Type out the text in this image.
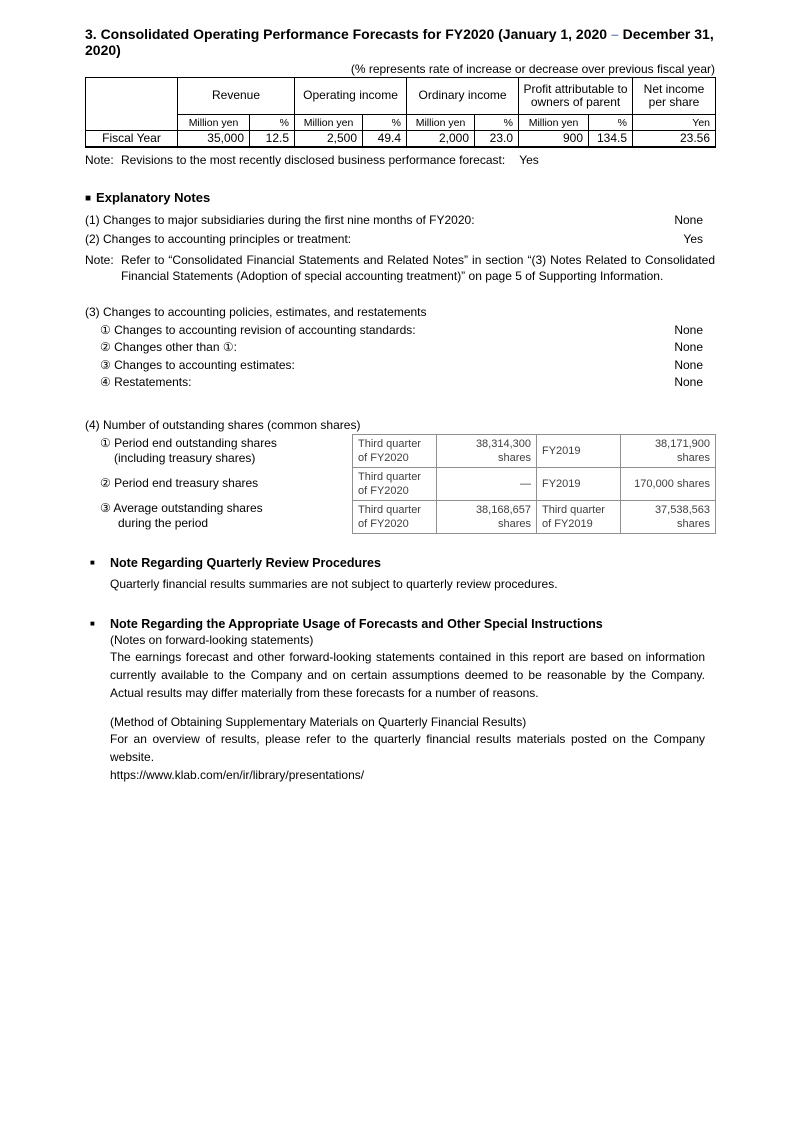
3. Consolidated Operating Performance Forecasts for FY2020 (January 1, 2020 – December 31, 2020)
(% represents rate of increase or decrease over previous fiscal year)
	Revenue		Operating income		Ordinary income		Profit attributable to owners of parent		Net income per share
	Million yen	%	Million yen	%	Million yen	%	Million yen	%	Yen
Fiscal Year	35,000	12.5	2,500	49.4	2,000	23.0	900	134.5	23.56
Note: Revisions to the most recently disclosed business performance forecast: Yes
■ Explanatory Notes
(1) Changes to major subsidiaries during the first nine months of FY2020:	None
(2) Changes to accounting principles or treatment:	Yes
Note: Refer to “Consolidated Financial Statements and Related Notes” in section “(3) Notes Related to Consolidated Financial Statements (Adoption of special accounting treatment)” on page 5 of Supporting Information.
(3) Changes to accounting policies, estimates, and restatements
① Changes to accounting revision of accounting standards:	None
② Changes other than ①:	None
③ Changes to accounting estimates:	None
④ Restatements:	None
(4) Number of outstanding shares (common shares)
① Period end outstanding shares
(including treasury shares)
② Period end treasury shares
③ Average outstanding shares
during the period
Third quarter of FY2020	38,314,300 shares	FY2019	38,171,900 shares
Third quarter of FY2020	—	FY2019	170,000 shares
Third quarter of FY2020	38,168,657 shares	Third quarter of FY2019	37,538,563 shares
■ Note Regarding Quarterly Review Procedures
Quarterly financial results summaries are not subject to quarterly review procedures.
■ Note Regarding the Appropriate Usage of Forecasts and Other Special Instructions
(Notes on forward-looking statements)
The earnings forecast and other forward-looking statements contained in this report are based on information currently available to the Company and on certain assumptions deemed to be reasonable by the Company. Actual results may differ materially from these forecasts for a number of reasons.
(Method of Obtaining Supplementary Materials on Quarterly Financial Results)
For an overview of results, please refer to the quarterly financial results materials posted on the Company website.
https://www.klab.com/en/ir/library/presentations/
